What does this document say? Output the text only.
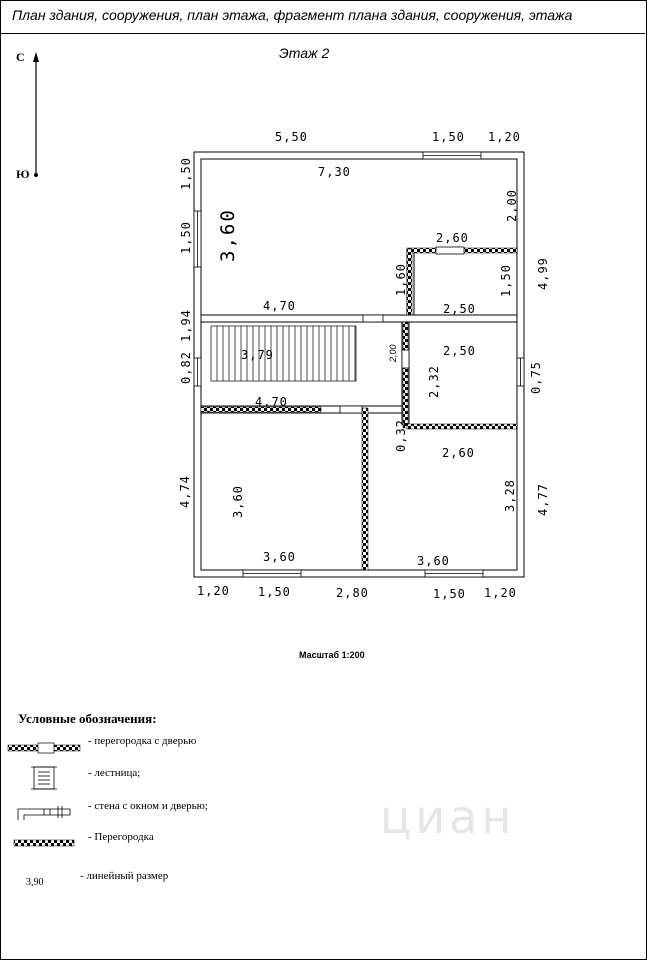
План здания, сооружения, план этажа, фрагмент плана здания, сооружения, этажа
Этаж 2
С
Ю
циан
5,50	1,50 1,20
7,30
2,00
1,50
1,50 3,60	2,60
1,60	1,50 4,99
4,70	2,50
1,94
3,79	2,00	2,50
0,82	2,32	0,75
4,70
0,32
2,60
4,74	3,60	3,28 4,77
3,60	3,60
1,20 1,50	2,80	1,50 1,20
Масштаб 1:200
Условные обозначения:
- перегородка с дверью
- лестница;
- стена с окном и дверью;
- Перегородка
- линейный размер
3,90
